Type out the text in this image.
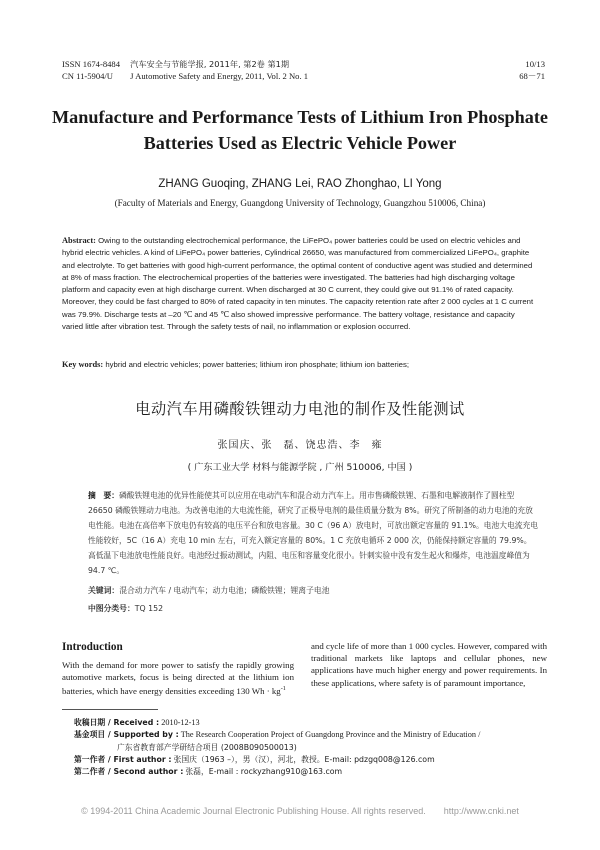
ISSN 1674-8484 汽车安全与节能学报, 2011年, 第2卷 第1期
CN 11-5904/U J Automotive Safety and Energy, 2011, Vol. 2 No. 1
10/13
68－71
Manufacture and Performance Tests of Lithium Iron Phosphate
Batteries Used as Electric Vehicle Power
ZHANG Guoqing, ZHANG Lei, RAO Zhonghao, LI Yong
(Faculty of Materials and Energy, Guangdong University of Technology, Guangzhou 510006, China)
Abstract: Owing to the outstanding electrochemical performance, the LiFePO₄ power batteries could be used on electric vehicles and hybrid electric vehicles. A kind of LiFePO₄ power batteries, Cylindrical 26650, was manufactured from commercialized LiFePO₄, graphite and electrolyte. To get batteries with good high-current performance, the optimal content of conductive agent was studied and determined at 8% of mass fraction. The electrochemical properties of the batteries were investigated. The batteries had high discharging voltage platform and capacity even at high discharge current. When discharged at 30 C current, they could give out 91.1% of rated capacity. Moreover, they could be fast charged to 80% of rated capacity in ten minutes. The capacity retention rate after 2 000 cycles at 1 C current was 79.9%. Discharge tests at –20 ℃ and 45 ℃ also showed impressive performance. The battery voltage, resistance and capacity varied little after vibration test. Through the safety tests of nail, no inflammation or explosion occurred.
Key words: hybrid and electric vehicles; power batteries; lithium iron phosphate; lithium ion batteries;
电动汽车用磷酸铁锂动力电池的制作及性能测试
张国庆、张　磊、饶忠浩、李　雍
( 广东工业大学 材料与能源学院 , 广州 510006, 中国 )
摘　要：磷酸铁锂电池的优异性能使其可以应用在电动汽车和混合动力汽车上。用市售磷酸铁锂、石墨和电解液制作了圆柱型 26650 磷酸铁锂动力电池。为改善电池的大电流性能，研究了正极导电剂的最佳质量分数为 8%。研究了所制备的动力电池的充放电性能。电池在高倍率下放电仍有较高的电压平台和放电容量。30 C（96 A）放电时，可放出额定容量的 91.1%。电池大电流充电性能较好，5C（16 A）充电 10 min 左右，可充入额定容量的 80%。1 C 充放电循环 2 000 次，仍能保持额定容量的 79.9%。高低温下电池放电性能良好。电池经过振动测试，内阻、电压和容量变化很小。针刺实验中没有发生起火和爆炸，电池温度峰值为 94.7 ℃。
关键词：混合动力汽车 / 电动汽车；动力电池；磷酸铁锂；锂离子电池
中图分类号：TQ 152
Introduction
With the demand for more power to satisfy the rapidly growing automotive markets, focus is being directed at the lithium ion batteries, which have energy densities exceeding 130 $Wh \cdot kg^{-1}$
and cycle life of more than 1 000 cycles. However, compared with traditional markets like laptops and cellular phones, new applications have much higher energy and power requirements. In these applications, where safety is of paramount importance,
收稿日期 / Received : 2010-12-13
基金项目 / Supported by : The Research Cooperation Project of Guangdong Province and the Ministry of Education /
广东省教育部产学研结合项目 (2008B090500013)
第一作者 / First author : 张国庆（1963 –），男（汉），河北，教授。E-mail: pdzgq008@126.com
第二作者 / Second author : 张磊，E-mail : rockyzhang910@163.com
© 1994-2011 China Academic Journal Electronic Publishing House. All rights reserved.　　http://www.cnki.net
